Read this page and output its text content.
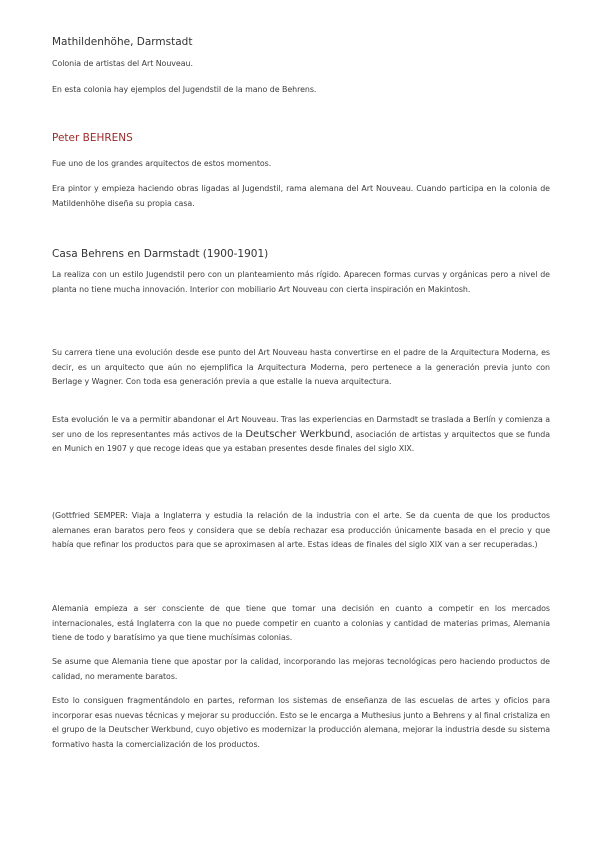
Mathildenhöhe, Darmstadt

Colonia de artistas del Art Nouveau.

En esta colonia hay ejemplos del Jugendstil de la mano de Behrens.

Peter BEHRENS

Fue uno de los grandes arquitectos de estos momentos.

Era pintor y empieza haciendo obras ligadas al Jugendstil, rama alemana del Art Nouveau. Cuando participa en la colonia de Matildenhöhe diseña su propia casa.

Casa Behrens en Darmstadt (1900-1901)

La realiza con un estilo Jugendstil pero con un planteamiento más rígido. Aparecen formas curvas y orgánicas pero a nivel de planta no tiene mucha innovación. Interior con mobiliario Art Nouveau con cierta inspiración en Makintosh.

Su carrera tiene una evolución desde ese punto del Art Nouveau hasta convertirse en el padre de la Arquitectura Moderna, es decir, es un arquitecto que aún no ejemplifica la Arquitectura Moderna, pero pertenece a la generación previa junto con Berlage y Wagner. Con toda esa generación previa a que estalle la nueva arquitectura.

Esta evolución le va a permitir abandonar el Art Nouveau. Tras las experiencias en Darmstadt se traslada a Berlín y comienza a ser uno de los representantes más activos de la Deutscher Werkbund, asociación de artistas y arquitectos que se funda en Munich en 1907 y que recoge ideas que ya estaban presentes desde finales del siglo XIX.

(Gottfried SEMPER: Viaja a Inglaterra y estudia la relación de la industria con el arte. Se da cuenta de que los productos alemanes eran baratos pero feos y considera que se debía rechazar esa producción únicamente basada en el precio y que había que refinar los productos para que se aproximasen al arte. Estas ideas de finales del siglo XIX van a ser recuperadas.)

Alemania empieza a ser consciente de que tiene que tomar una decisión en cuanto a competir en los mercados internacionales, está Inglaterra con la que no puede competir en cuanto a colonias y cantidad de materias primas, Alemania tiene de todo y baratísimo ya que tiene muchísimas colonias.

Se asume que Alemania tiene que apostar por la calidad, incorporando las mejoras tecnológicas pero haciendo productos de calidad, no meramente baratos.

Esto lo consiguen fragmentándolo en partes, reforman los sistemas de enseñanza de las escuelas de artes y oficios para incorporar esas nuevas técnicas y mejorar su producción. Esto se le encarga a Muthesius junto a Behrens y al final cristaliza en el grupo de la Deutscher Werkbund, cuyo objetivo es modernizar la producción alemana, mejorar la industria desde su sistema formativo hasta la comercialización de los productos.
